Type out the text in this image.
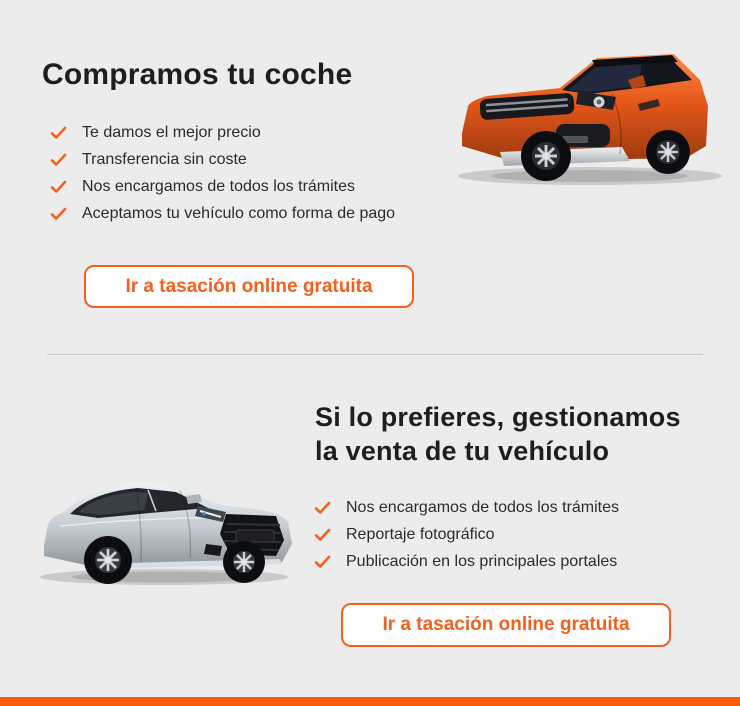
Compramos tu coche
Te damos el mejor precio
Transferencia sin coste
Nos encargamos de todos los trámites
Aceptamos tu vehículo como forma de pago
Ir a tasación online gratuita
Si lo prefieres, gestionamos
la venta de tu vehículo
Nos encargamos de todos los trámites
Reportaje fotográfico
Publicación en los principales portales
Ir a tasación online gratuita
